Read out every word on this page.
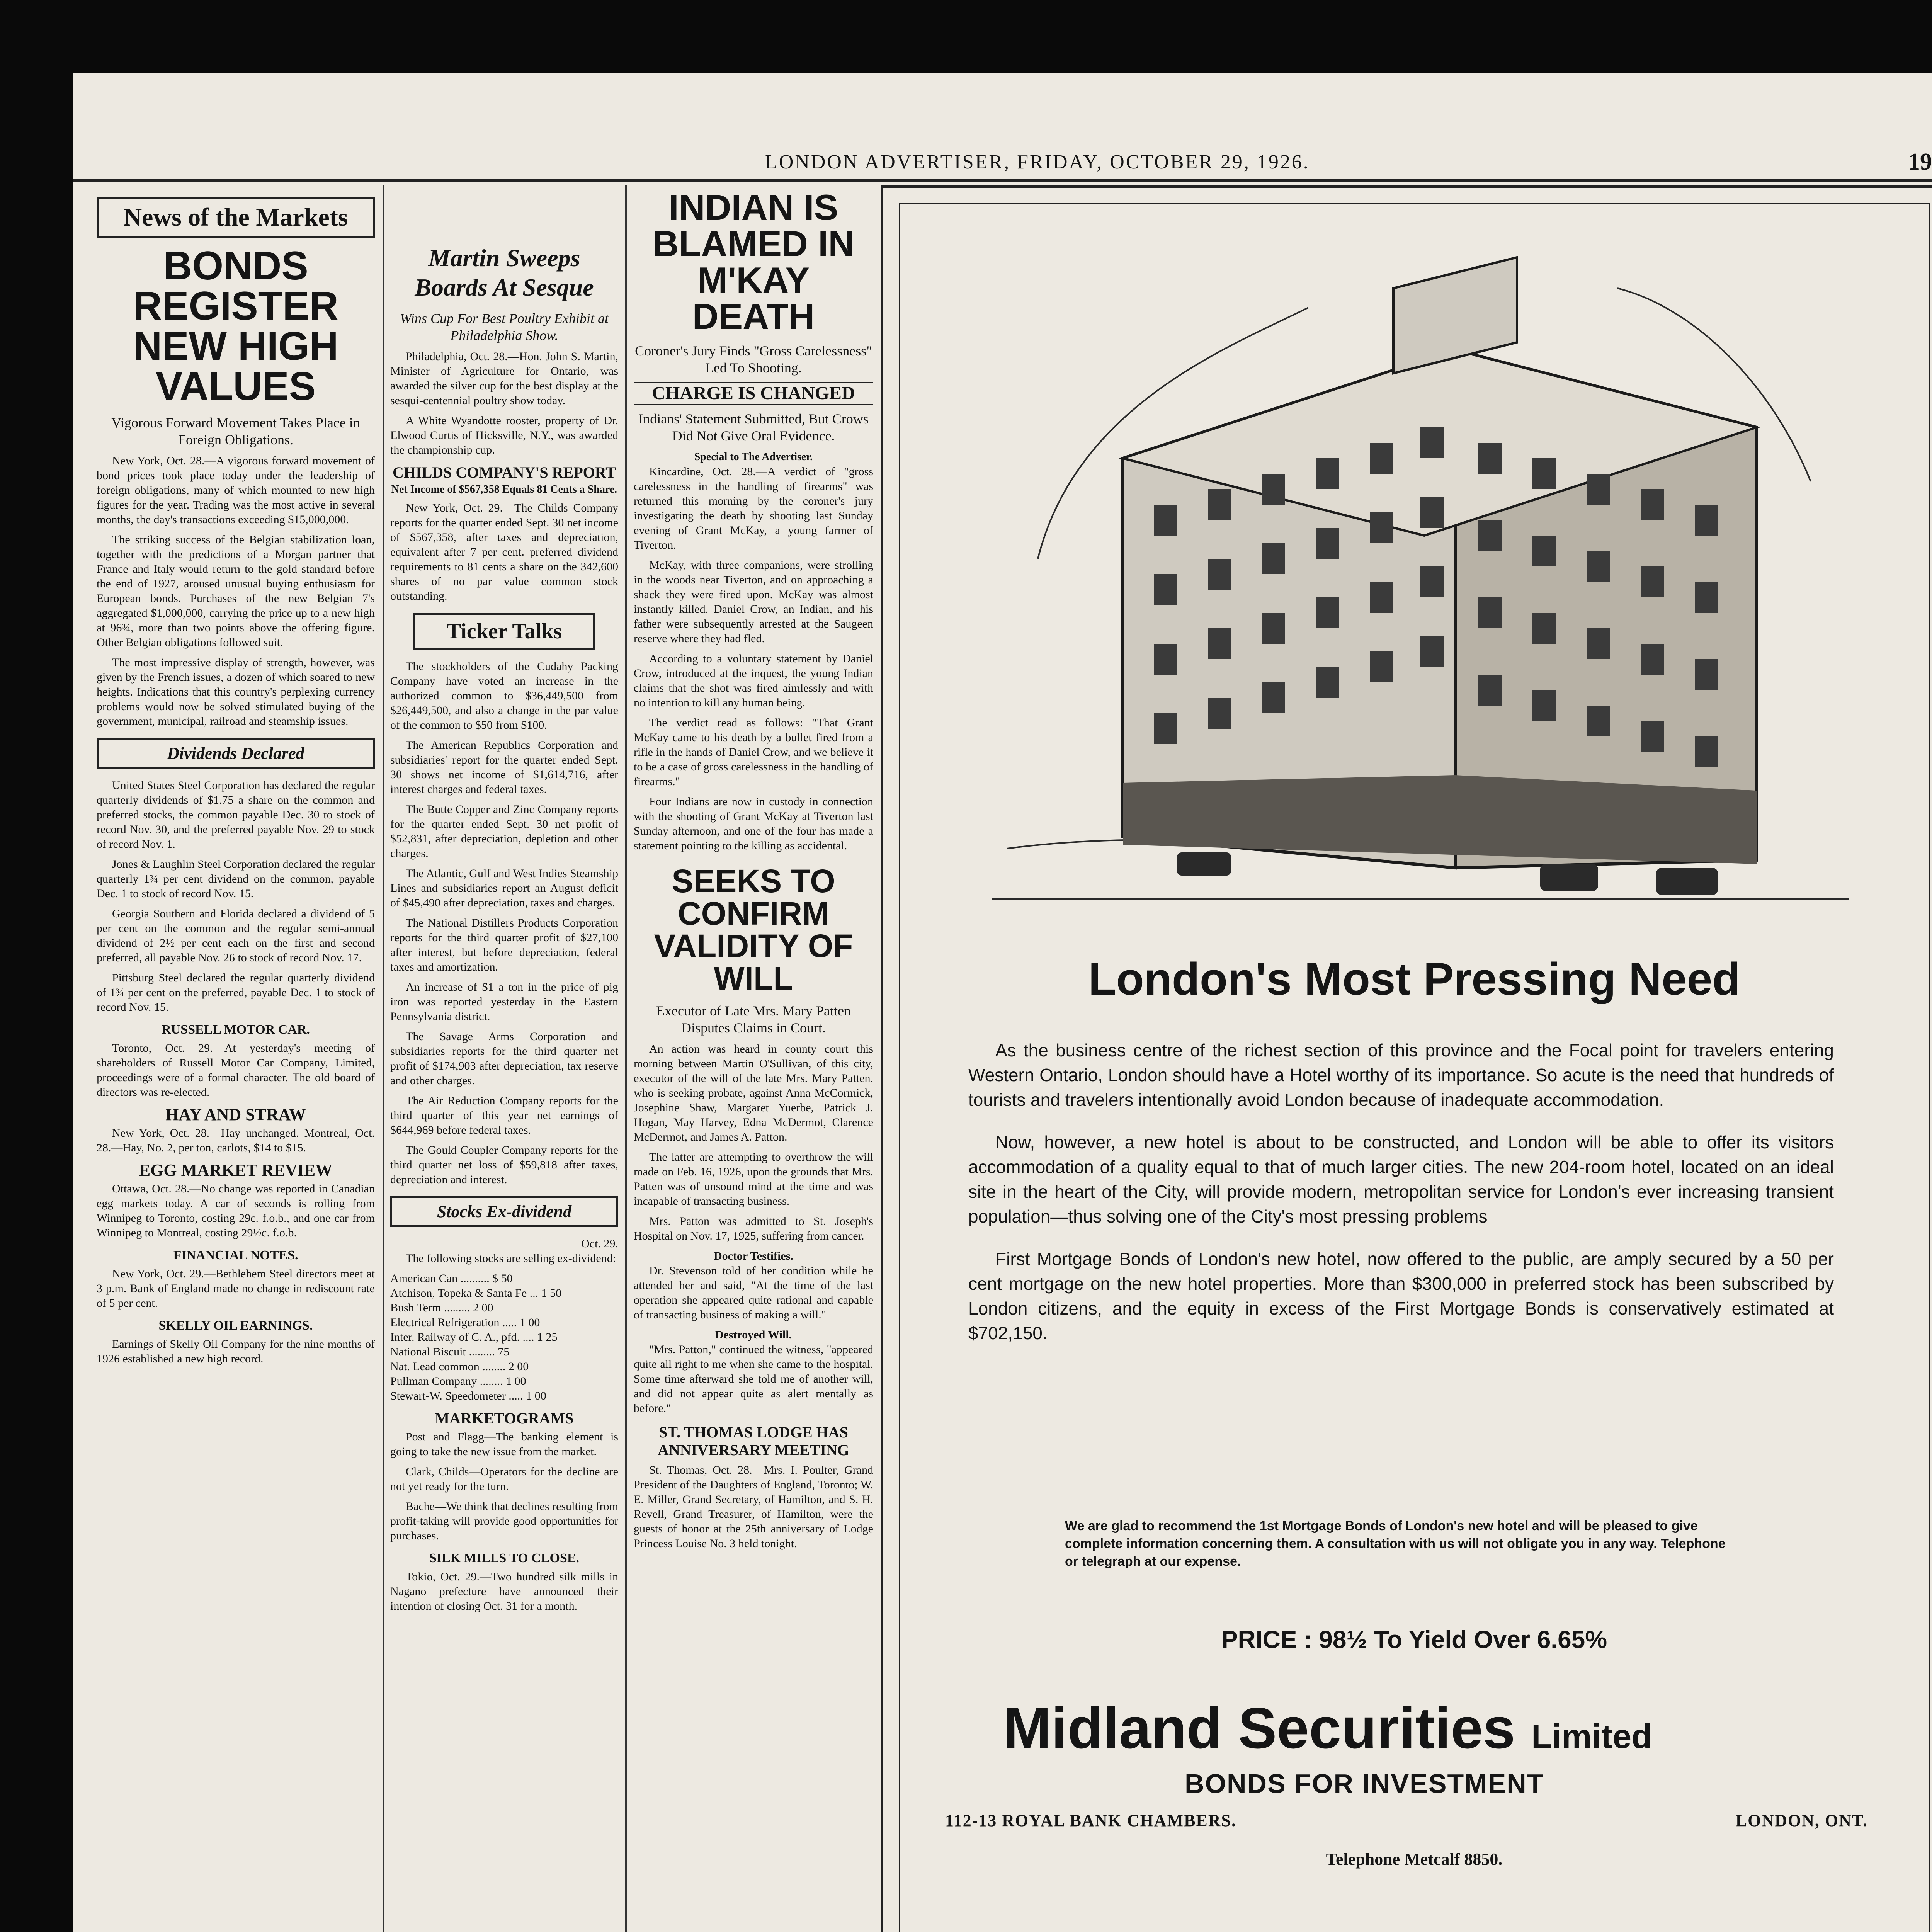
LONDON ADVERTISER, FRIDAY, OCTOBER 29, 1926.	19
News of the Markets
BONDS REGISTER NEW HIGH VALUES
Vigorous Forward Movement Takes Place in Foreign Obligations.

New York, Oct. 28.—A vigorous forward movement of bond prices took place today under the leadership of foreign obligations, many of which mounted to new high figures for the year. Trading was the most active in several months, the day's transactions exceeding $15,000,000.

The striking success of the Belgian stabilization loan, together with the predictions of a Morgan partner that France and Italy would return to the gold standard before the end of 1927, aroused unusual buying enthusiasm for European bonds. Purchases of the new Belgian 7's aggregated $1,000,000, carrying the price up to a new high at 96¾, more than two points above the offering figure. Other Belgian obligations followed suit.

The most impressive display of strength, however, was given by the French issues, a dozen of which soared to new heights. Indications that this country's perplexing currency problems would now be solved stimulated buying of the government, municipal, railroad and steamship issues.

Dividends Declared

United States Steel Corporation has declared the regular quarterly dividends of $1.75 a share on the common and preferred stocks, the common payable Dec. 30 to stock of record Nov. 30, and the preferred payable Nov. 29 to stock of record Nov. 1.

Jones & Laughlin Steel Corporation declared the regular quarterly 1¾ per cent dividend on the common, payable Dec. 1 to stock of record Nov. 15.

Georgia Southern and Florida declared a dividend of 5 per cent on the common and the regular semi-annual dividend of 2½ per cent each on the first and second preferred, all payable Nov. 26 to stock of record Nov. 17.

Pittsburg Steel declared the regular quarterly dividend of 1¾ per cent on the preferred, payable Dec. 1 to stock of record Nov. 15.

RUSSELL MOTOR CAR.

Toronto, Oct. 29.—At yesterday's meeting of shareholders of Russell Motor Car Company, Limited, proceedings were of a formal character. The old board of directors was re-elected.

HAY AND STRAW

New York, Oct. 28.—Hay unchanged. Montreal, Oct. 28.—Hay, No. 2, per ton, carlots, $14 to $15.

EGG MARKET REVIEW

Ottawa, Oct. 28.—No change was reported in Canadian egg markets today. A car of seconds is rolling from Winnipeg to Toronto, costing 29c. f.o.b., and one car from Winnipeg to Montreal, costing 29½c. f.o.b.

FINANCIAL NOTES.

New York, Oct. 29.—Bethlehem Steel directors meet at 3 p.m. Bank of England made no change in rediscount rate of 5 per cent.

SKELLY OIL EARNINGS.

Earnings of Skelly Oil Company for the nine months of 1926 established a new high record.

Martin Sweeps Boards At Sesque
Wins Cup For Best Poultry Exhibit at Philadelphia Show.

Philadelphia, Oct. 28.—Hon. John S. Martin, Minister of Agriculture for Ontario, was awarded the silver cup for the best display at the sesqui-centennial poultry show today.

A White Wyandotte rooster, property of Dr. Elwood Curtis of Hicksville, N.Y., was awarded the championship cup.

CHILDS COMPANY'S REPORT
Net Income of $567,358 Equals 81 Cents a Share.

New York, Oct. 29.—The Childs Company reports for the quarter ended Sept. 30 net income of $567,358, after taxes and depreciation, equivalent after 7 per cent. preferred dividend requirements to 81 cents a share on the 342,600 shares of no par value common stock outstanding.

Ticker Talks

The stockholders of the Cudahy Packing Company have voted an increase in the authorized common to $36,449,500 from $26,449,500, and also a change in the par value of the common to $50 from $100.

The American Republics Corporation and subsidiaries' report for the quarter ended Sept. 30 shows net income of $1,614,716, after interest charges and federal taxes.

The Butte Copper and Zinc Company reports for the quarter ended Sept. 30 net profit of $52,831, after depreciation, depletion and other charges.

The Atlantic, Gulf and West Indies Steamship Lines and subsidiaries report an August deficit of $45,490 after depreciation, taxes and charges.

The National Distillers Products Corporation reports for the third quarter profit of $27,100 after interest, but before depreciation, federal taxes and amortization.

An increase of $1 a ton in the price of pig iron was reported yesterday in the Eastern Pennsylvania district.

The Savage Arms Corporation and subsidiaries reports for the third quarter net profit of $174,903 after depreciation, tax reserve and other charges.

The Air Reduction Company reports for the third quarter of this year net earnings of $644,969 before federal taxes.

The Gould Coupler Company reports for the third quarter net loss of $59,818 after taxes, depreciation and interest.

Stocks Ex-dividend
Oct. 29.

The following stocks are selling ex-dividend:

American Can .......... $ 50
Atchison, Topeka & Santa Fe ... 1 50
Bush Term ......... 2 00
Electrical Refrigeration ..... 1 00
Inter. Railway of C. A., pfd. .... 1 25
National Biscuit ......... 75
Nat. Lead common ........ 2 00
Pullman Company ........ 1 00
Stewart-W. Speedometer ..... 1 00
MARKETOGRAMS

Post and Flagg—The banking element is going to take the new issue from the market.

Clark, Childs—Operators for the decline are not yet ready for the turn.

Bache—We think that declines resulting from profit-taking will provide good opportunities for purchases.

SILK MILLS TO CLOSE.

Tokio, Oct. 29.—Two hundred silk mills in Nagano prefecture have announced their intention of closing Oct. 31 for a month.

INDIAN IS BLAMED IN M'KAY DEATH
Coroner's Jury Finds "Gross Carelessness" Led To Shooting.
CHARGE IS CHANGED
Indians' Statement Submitted, But Crows Did Not Give Oral Evidence.
Special to The Advertiser.

Kincardine, Oct. 28.—A verdict of "gross carelessness in the handling of firearms" was returned this morning by the coroner's jury investigating the death by shooting last Sunday evening of Grant McKay, a young farmer of Tiverton.

McKay, with three companions, were strolling in the woods near Tiverton, and on approaching a shack they were fired upon. McKay was almost instantly killed. Daniel Crow, an Indian, and his father were subsequently arrested at the Saugeen reserve where they had fled.

According to a voluntary statement by Daniel Crow, introduced at the inquest, the young Indian claims that the shot was fired aimlessly and with no intention to kill any human being.

The verdict read as follows: "That Grant McKay came to his death by a bullet fired from a rifle in the hands of Daniel Crow, and we believe it to be a case of gross carelessness in the handling of firearms."

Four Indians are now in custody in connection with the shooting of Grant McKay at Tiverton last Sunday afternoon, and one of the four has made a statement pointing to the killing as accidental.

SEEKS TO CONFIRM VALIDITY OF WILL
Executor of Late Mrs. Mary Patten Disputes Claims in Court.

An action was heard in county court this morning between Martin O'Sullivan, of this city, executor of the will of the late Mrs. Mary Patten, who is seeking probate, against Anna McCormick, Josephine Shaw, Margaret Yuerbe, Patrick J. Hogan, May Harvey, Edna McDermot, Clarence McDermot, and James A. Patton.

The latter are attempting to overthrow the will made on Feb. 16, 1926, upon the grounds that Mrs. Patten was of unsound mind at the time and was incapable of transacting business.

Mrs. Patton was admitted to St. Joseph's Hospital on Nov. 17, 1925, suffering from cancer.

Doctor Testifies.

Dr. Stevenson told of her condition while he attended her and said, "At the time of the last operation she appeared quite rational and capable of transacting business of making a will."

Destroyed Will.

"Mrs. Patton," continued the witness, "appeared quite all right to me when she came to the hospital. Some time afterward she told me of another will, and did not appear quite as alert mentally as before."

ST. THOMAS LODGE HAS ANNIVERSARY MEETING

St. Thomas, Oct. 28.—Mrs. I. Poulter, Grand President of the Daughters of England, Toronto; W. E. Miller, Grand Secretary, of Hamilton, and S. H. Revell, Grand Treasurer, of Hamilton, were the guests of honor at the 25th anniversary of Lodge Princess Louise No. 3 held tonight.

London's Most Pressing Need

As the business centre of the richest section of this province and the Focal point for travelers entering Western Ontario, London should have a Hotel worthy of its importance. So acute is the need that hundreds of tourists and travelers intentionally avoid London because of inadequate accommodation.

Now, however, a new hotel is about to be constructed, and London will be able to offer its visitors accommodation of a quality equal to that of much larger cities. The new 204-room hotel, located on an ideal site in the heart of the City, will provide modern, metropolitan service for London's ever increasing transient population—thus solving one of the City's most pressing problems

First Mortgage Bonds of London's new hotel, now offered to the public, are amply secured by a 50 per cent mortgage on the new hotel properties. More than $300,000 in preferred stock has been subscribed by London citizens, and the equity in excess of the First Mortgage Bonds is conservatively estimated at $702,150.

We are glad to recommend the 1st Mortgage Bonds of London's new hotel and will be pleased to give complete information concerning them. A consultation with us will not obligate you in any way. Telephone or telegraph at our expense.
PRICE : 98½ To Yield Over 6.65%
Midland Securities Limited
BONDS FOR INVESTMENT
112-13 ROYAL BANK CHAMBERS.	LONDON, ONT.
Telephone Metcalf 8850.
